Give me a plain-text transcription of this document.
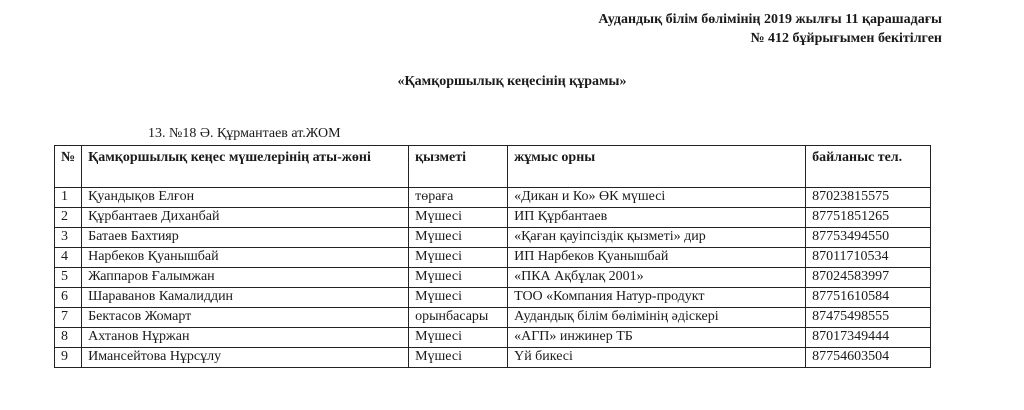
Аудандық білім бөлімінің 2019 жылғы 11 қарашадағы
№ 412 бұйрығымен бекітілген
«Қамқоршылық кеңесінің құрамы»
13. №18 Ә. Құрмантаев ат.ЖОМ
№	Қамқоршылық кеңес мүшелерінің аты-жөні	қызметі	жұмыс орны	байланыс тел.
1	Қуандықов Елғон	төраға	«Дикан и Ко» ӨК мүшесі	87023815575
2	Құрбантаев Диханбай	Мүшесі	ИП Құрбантаев	87751851265
3	Батаев Бахтияр	Мүшесі	«Қаған қауіпсіздік қызметі» дир	87753494550
4	Нарбеков Қуанышбай	Мүшесі	ИП Нарбеков Қуанышбай	87011710534
5	Жаппаров Ғалымжан	Мүшесі	«ПКА Ақбұлақ 2001»	87024583997
6	Шараванов Камалиддин	Мүшесі	ТОО «Компания Натур-продукт	87751610584
7	Бектасов Жомарт	орынбасары	Аудандық білім бөлімінің әдіскері	87475498555
8	Ахтанов Нұржан	Мүшесі	«АГП» инжинер ТБ	87017349444
9	Имансейтова Нұрсұлу	Мүшесі	Үй бикесі	87754603504
